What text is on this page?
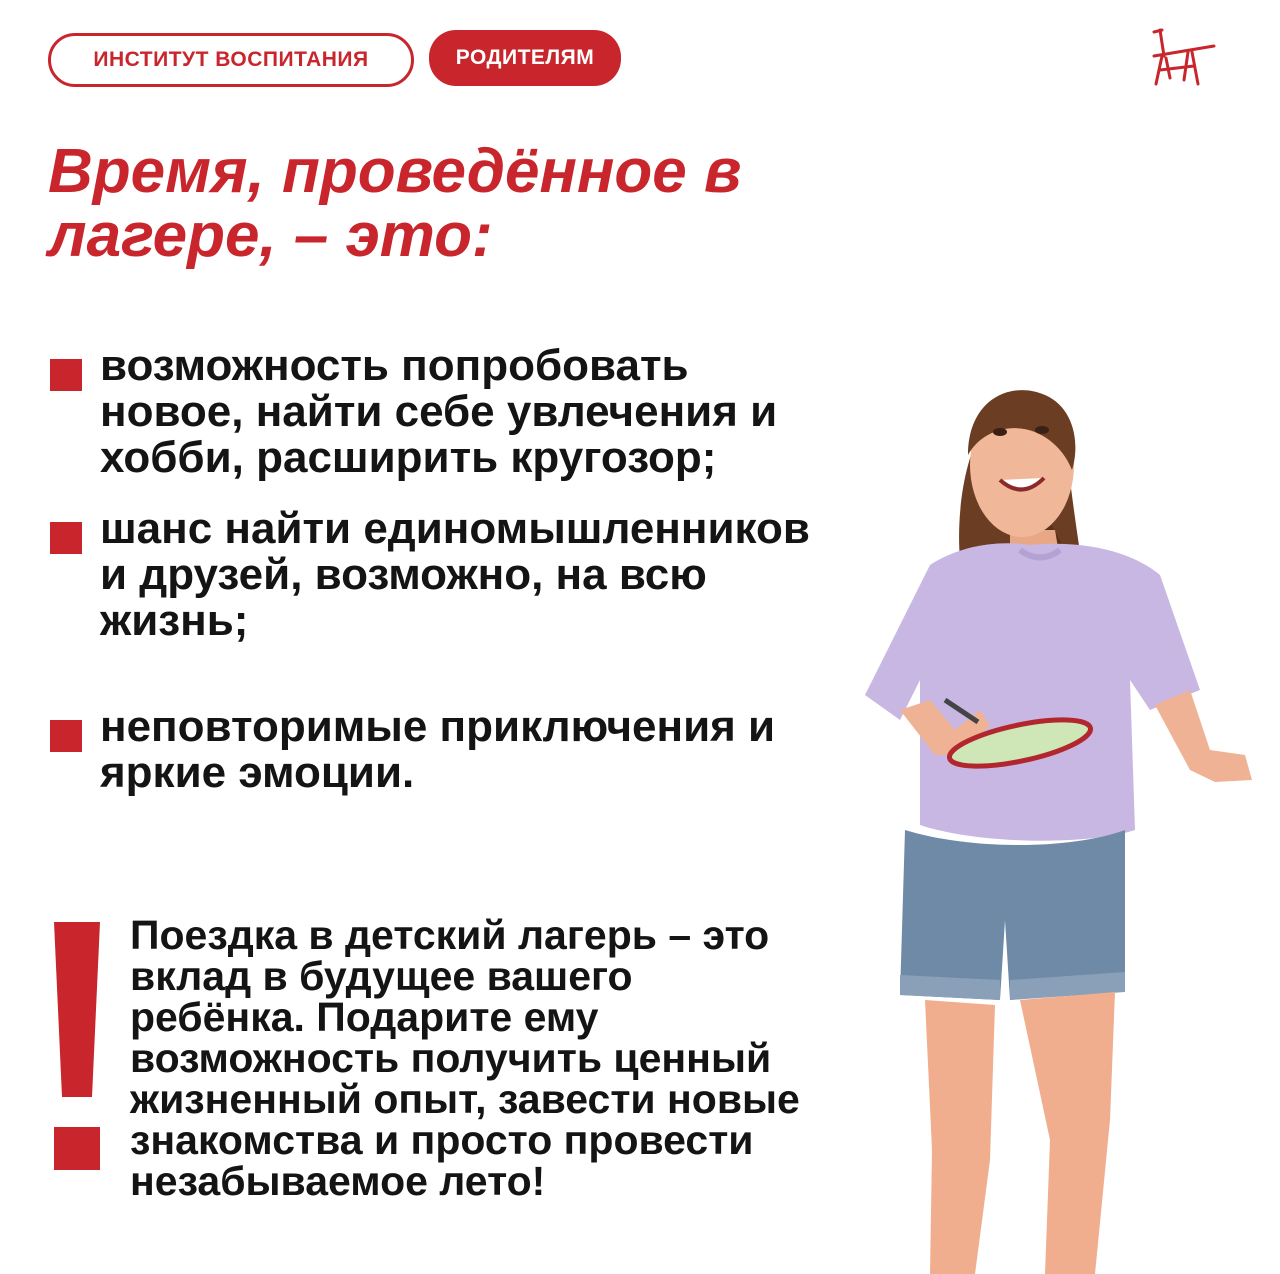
ИНСТИТУТ ВОСПИТАНИЯ	РОДИТЕЛЯМ
Время, проведённое в
лагере, – это:
возможность попробовать
новое, найти себе увлечения и
хобби, расширить кругозор;
шанс найти единомышленников
и друзей, возможно, на всю
жизнь;
неповторимые приключения и
яркие эмоции.
Поездка в детский лагерь – это
вклад в будущее вашего
ребёнка. Подарите ему
возможность получить ценный
жизненный опыт, завести новые
знакомства и просто провести
незабываемое лето!
